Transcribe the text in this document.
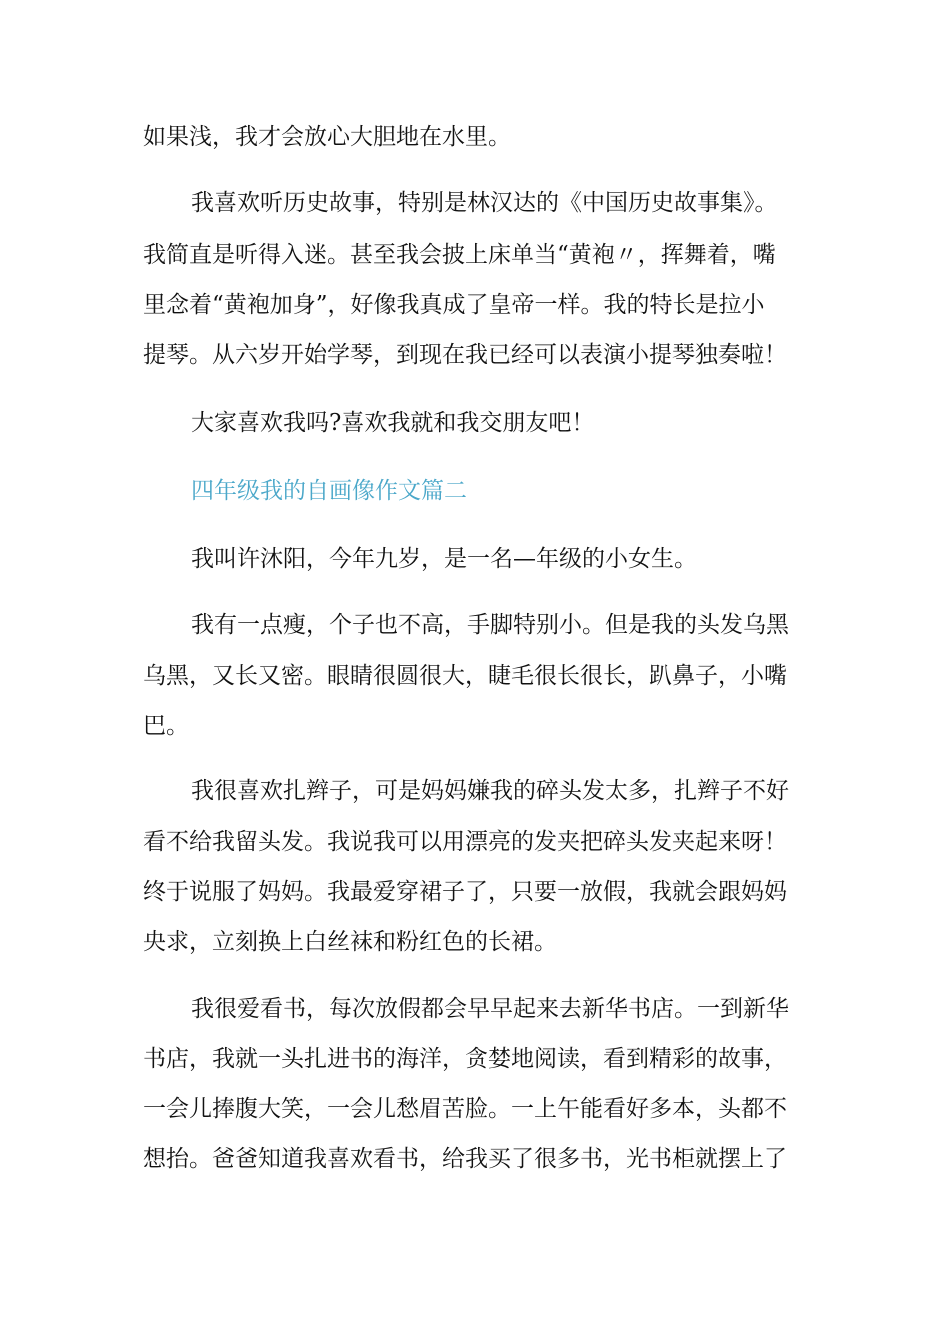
如果浅，我才会放心大胆地在水里。
我喜欢听历史故事，特别是林汉达的《中国历史故事集》。
我简直是听得入迷。甚至我会披上床单当“黄袍〃，挥舞着，嘴
里念着“黄袍加身”，好像我真成了皇帝一样。我的特长是拉小
提琴。从六岁开始学琴，到现在我已经可以表演小提琴独奏啦！
大家喜欢我吗?喜欢我就和我交朋友吧！
四年级我的自画像作文篇二
我叫许沐阳，今年九岁，是一名—年级的小女生。
我有一点瘦，个子也不高，手脚特别小。但是我的头发乌黑
乌黑，又长又密。眼睛很圆很大，睫毛很长很长，趴鼻子，小嘴
巴。
我很喜欢扎辫子，可是妈妈嫌我的碎头发太多，扎辫子不好
看不给我留头发。我说我可以用漂亮的发夹把碎头发夹起来呀！
终于说服了妈妈。我最爱穿裙子了，只要一放假，我就会跟妈妈
央求，立刻换上白丝袜和粉红色的长裙。
我很爱看书，每次放假都会早早起来去新华书店。一到新华
书店，我就一头扎进书的海洋，贪婪地阅读，看到精彩的故事，
一会儿捧腹大笑，一会儿愁眉苦脸。一上午能看好多本，头都不
想抬。爸爸知道我喜欢看书，给我买了很多书，光书柜就摆上了
